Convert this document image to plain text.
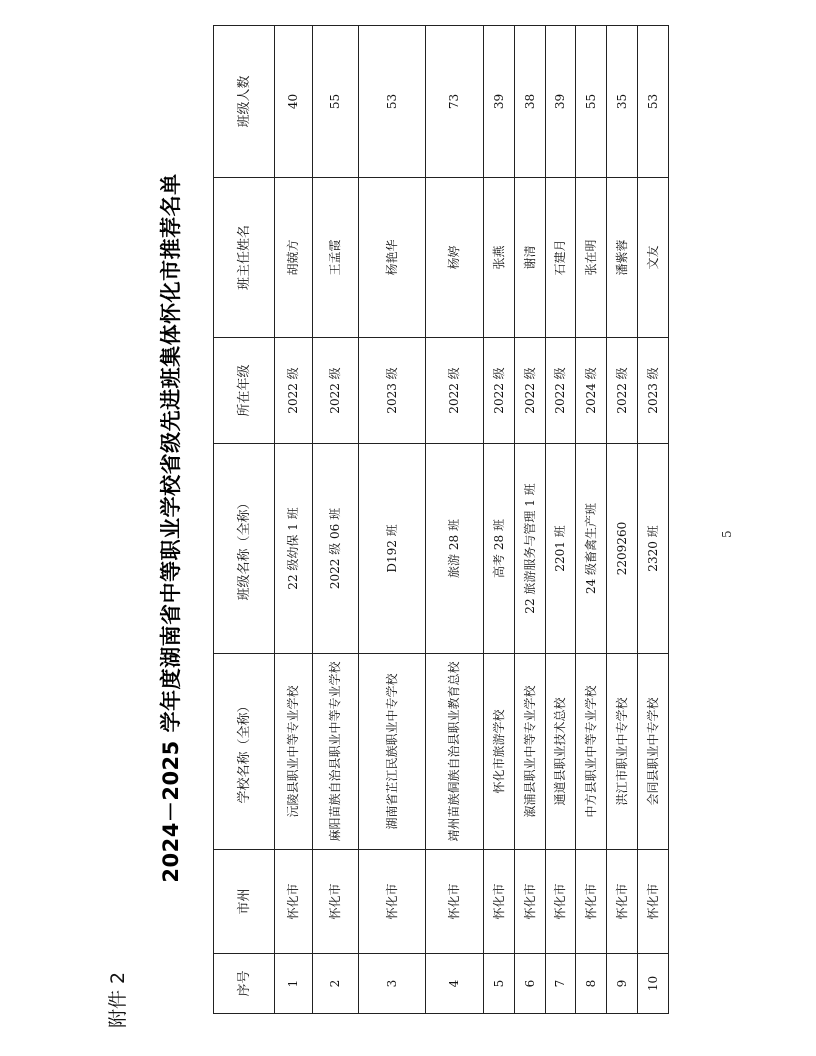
附件 2
2024－2025 学年度湖南省中等职业学校省级先进班集体怀化市推荐名单
序号	市州	学校名称（全称）	班级名称（全称）	所在年级	班主任姓名	班级人数
1	怀化市	沅陵县职业中等专业学校	22 级幼保 1 班	2022 级	胡兢方	40
2	怀化市	麻阳苗族自治县职业中等专业学校	2022 级 06 班	2022 级	王孟霞	55
3	怀化市	湖南省芷江民族职业中专学校	D192 班	2023 级	杨艳华	53
4	怀化市	靖州苗族侗族自治县职业教育总校	旅游 28 班	2022 级	杨婷	73
5	怀化市	怀化市旅游学校	高考 28 班	2022 级	张燕	39
6	怀化市	溆浦县职业中等专业学校	22 旅游服务与管理 1 班	2022 级	谢清	38
7	怀化市	通道县职业技术总校	2201 班	2022 级	石建月	39
8	怀化市	中方县职业中等专业学校	24 级畜禽生产班	2024 级	张在明	55
9	怀化市	洪江市职业中专学校	2209260	2022 级	潘紫蓉	35
10	怀化市	会同县职业中专学校	2320 班	2023 级	文友	53
5
